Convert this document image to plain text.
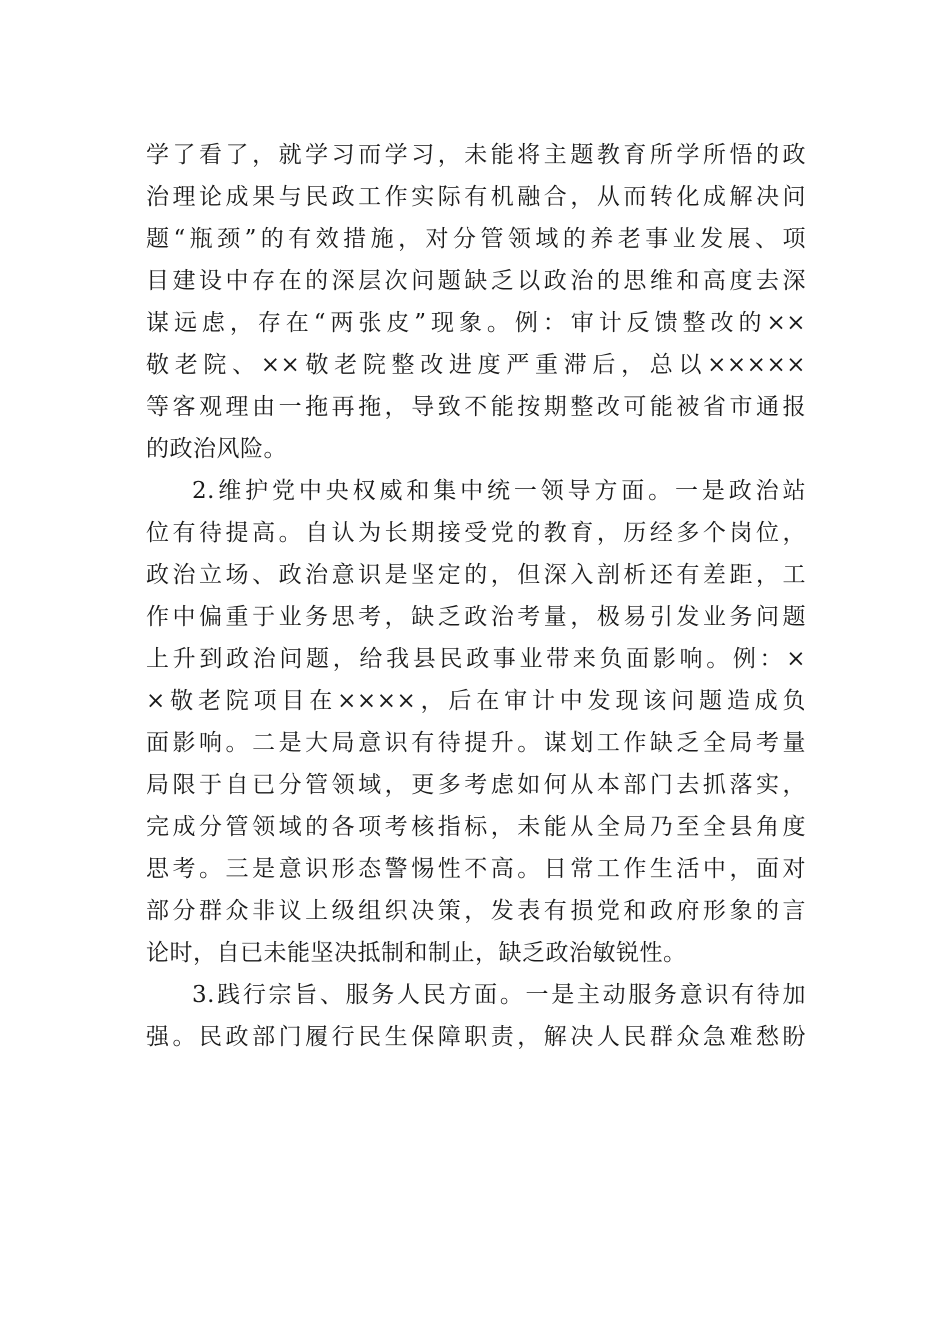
学了看了，就学习而学习，未能将主题教育所学所悟的政
治理论成果与民政工作实际有机融合，从而转化成解决问
题“瓶颈”的有效措施，对分管领域的养老事业发展、项
目建设中存在的深层次问题缺乏以政治的思维和高度去深
谋远虑，存在“两张皮”现象。例：审计反馈整改的××
敬老院、××敬老院整改进度严重滞后，总以×××××
等客观理由一拖再拖，导致不能按期整改可能被省市通报
的政治风险。
2.维护党中央权威和集中统一领导方面。一是政治站
位有待提高。自认为长期接受党的教育，历经多个岗位，
政治立场、政治意识是坚定的，但深入剖析还有差距，工
作中偏重于业务思考，缺乏政治考量，极易引发业务问题
上升到政治问题，给我县民政事业带来负面影响。例：×
×敬老院项目在××××，后在审计中发现该问题造成负
面影响。二是大局意识有待提升。谋划工作缺乏全局考量
局限于自已分管领域，更多考虑如何从本部门去抓落实，
完成分管领域的各项考核指标，未能从全局乃至全县角度
思考。三是意识形态警惕性不高。日常工作生活中，面对
部分群众非议上级组织决策，发表有损党和政府形象的言
论时，自已未能坚决抵制和制止，缺乏政治敏锐性。
3.践行宗旨、服务人民方面。一是主动服务意识有待加
强。民政部门履行民生保障职责，解决人民群众急难愁盼
